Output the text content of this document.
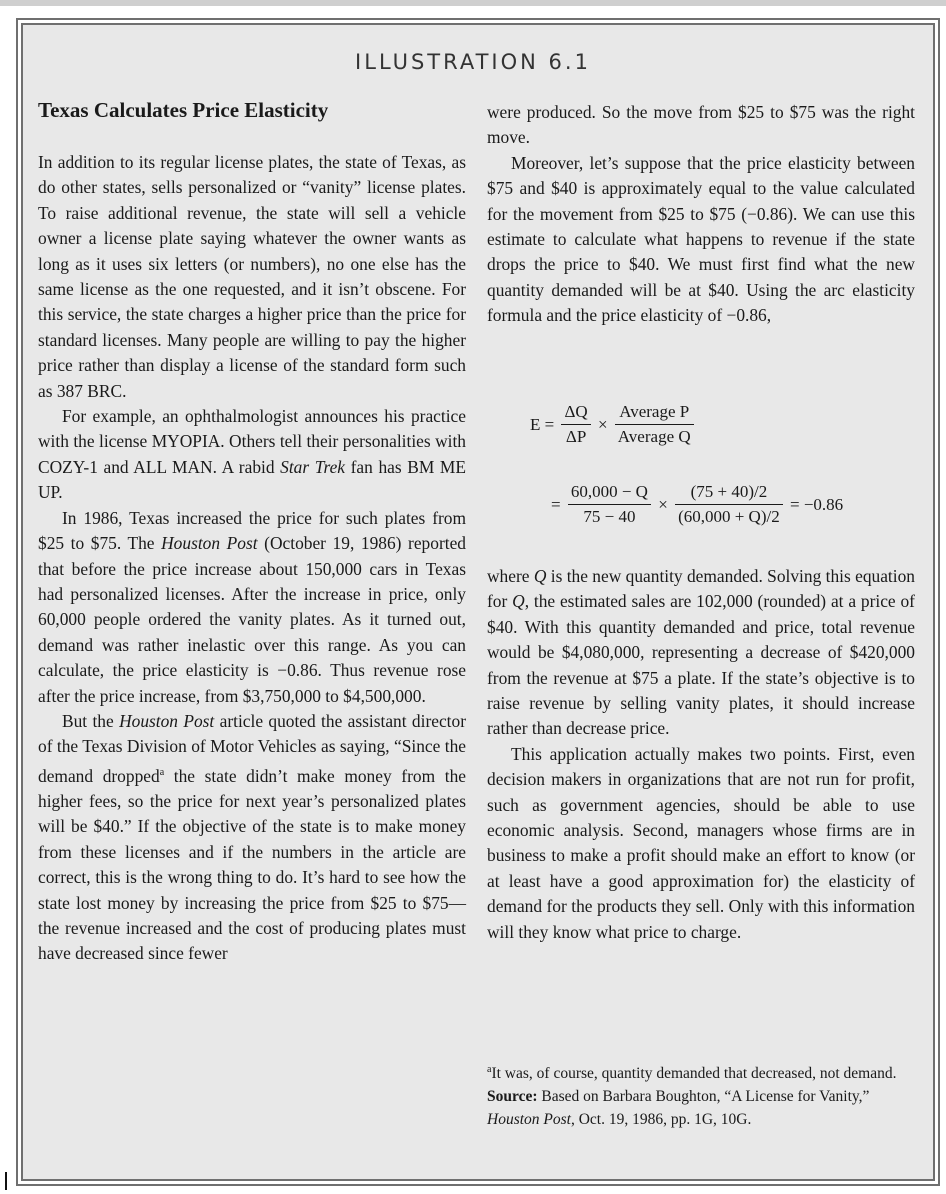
ILLUSTRATION 6.1
Texas Calculates Price Elasticity

In addition to its regular license plates, the state of Texas, as do other states, sells personalized or “vanity” license plates. To raise additional revenue, the state will sell a vehicle owner a license plate saying whatever the owner wants as long as it uses six letters (or numbers), no one else has the same license as the one requested, and it isn’t obscene. For this service, the state charges a higher price than the price for standard licenses. Many people are willing to pay the higher price rather than display a license of the standard form such as 387 BRC.

For example, an ophthalmologist announces his practice with the license MYOPIA. Others tell their personalities with COZY-1 and ALL MAN. A rabid Star Trek fan has BM ME UP.

In 1986, Texas increased the price for such plates from $25 to $75. The Houston Post (October 19, 1986) reported that before the price increase about 150,000 cars in Texas had personalized licenses. After the increase in price, only 60,000 people ordered the vanity plates. As it turned out, demand was rather inelastic over this range. As you can calculate, the price elasticity is −0.86. Thus revenue rose after the price increase, from $3,750,000 to $4,500,000.

But the Houston Post article quoted the assistant director of the Texas Division of Motor Vehicles as saying, “Since the demand dropped$^a$ the state didn’t make money from the higher fees, so the price for next year’s personalized plates will be $40.” If the objective of the state is to make money from these licenses and if the numbers in the article are correct, this is the wrong thing to do. It’s hard to see how the state lost money by increasing the price from $25 to $75—the revenue increased and the cost of producing plates must have decreased since fewer

were produced. So the move from $25 to $75 was the right move.

Moreover, let’s suppose that the price elasticity between $75 and $40 is approximately equal to the value calculated for the movement from $25 to $75 (−0.86). We can use this estimate to calculate what happens to revenue if the state drops the price to $40. We must first find what the new quantity demanded will be at $40. Using the arc elasticity formula and the price elasticity of −0.86,

$E = \frac{\Delta Q}{\Delta P} \times \frac{\text{Average P}}{\text{Average Q}}$
= $\frac{60,000 - Q}{75 - 40} \times \frac{(75 + 40)/2}{(60,000 + Q)/2} = -0.86$

where Q is the new quantity demanded. Solving this equation for Q, the estimated sales are 102,000 (rounded) at a price of $40. With this quantity demanded and price, total revenue would be $4,080,000, representing a decrease of $420,000 from the revenue at $75 a plate. If the state’s objective is to raise revenue by selling vanity plates, it should increase rather than decrease price.

This application actually makes two points. First, even decision makers in organizations that are not run for profit, such as government agencies, should be able to use economic analysis. Second, managers whose firms are in business to make a profit should make an effort to know (or at least have a good approximation for) the elasticity of demand for the products they sell. Only with this information will they know what price to charge.

$^a$It was, of course, quantity demanded that decreased, not demand.
Source: Based on Barbara Boughton, “A License for Vanity,” Houston Post, Oct. 19, 1986, pp. 1G, 10G.
